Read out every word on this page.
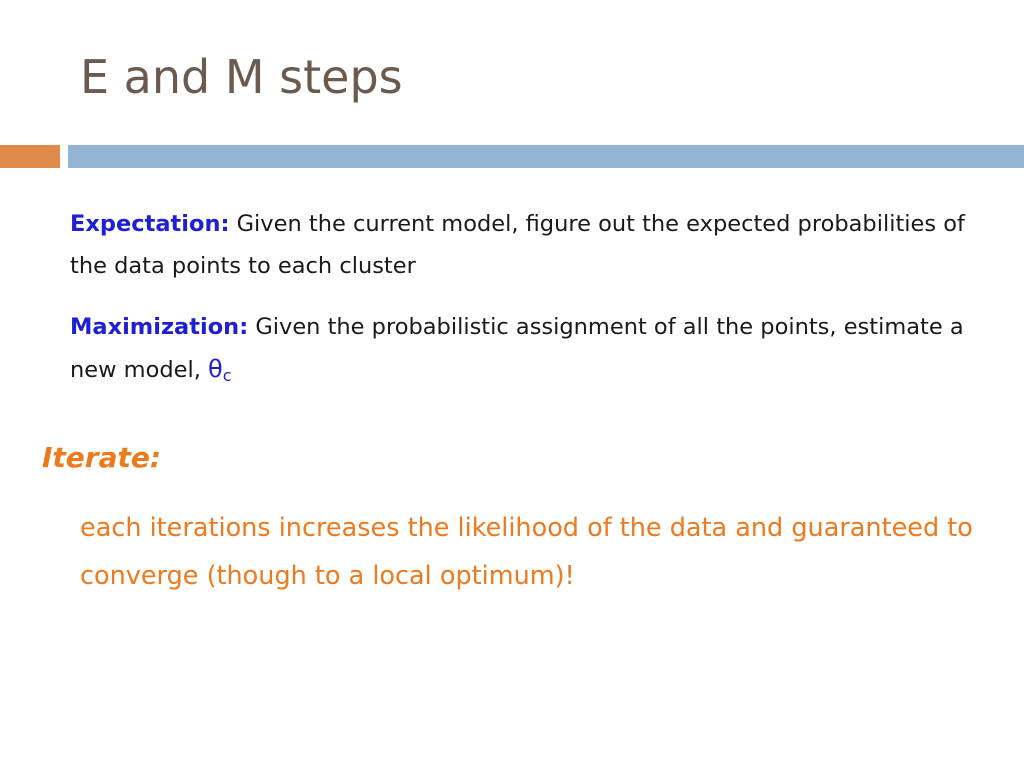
E and M steps

Expectation: Given the current model, figure out the expected probabilities of the data points to each cluster

Maximization: Given the probabilistic assignment of all the points, estimate a new model, $\theta_c$

Iterate:

each iterations increases the likelihood of the data and guaranteed to converge (though to a local optimum)!
